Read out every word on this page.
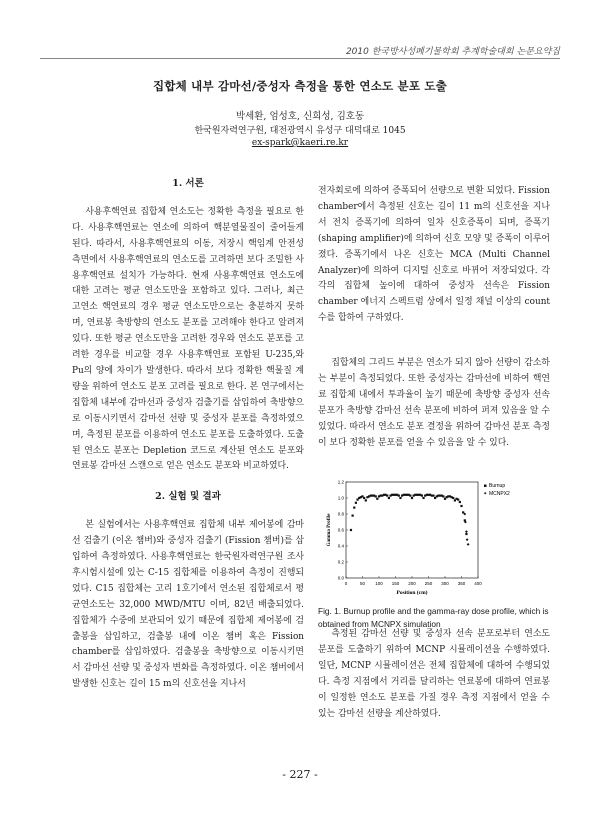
2010 한국방사성폐기물학회 추계학술대회 논문요약집
집합체 내부 감마선/중성자 측정을 통한 연소도 분포 도출
박세환, 엄성호, 신희성, 김호동
한국원자력연구원, 대전광역시 유성구 대덕대로 1045
ex-spark@kaeri.re.kr
1. 서론

사용후핵연료 집합체 연소도는 정확한 측정을 필요로 한다. 사용후핵연료는 연소에 의하여 핵분열물질이 줄어들게 된다. 따라서, 사용후핵연료의 이동, 저장시 핵임계 안전성 측면에서 사용후핵연료의 연소도를 고려하면 보다 조밀한 사용후핵연료 설치가 가능하다. 현재 사용후핵연료 연소도에 대한 고려는 평균 연소도만을 포함하고 있다. 그러나, 최근 고연소 핵연료의 경우 평균 연소도만으로는 충분하지 못하며, 연료봉 축방향의 연소도 분포를 고려해야 한다고 알려져 있다. 또한 평균 연소도만을 고려한 경우와 연소도 분포를 고려한 경우를 비교할 경우 사용후핵연료 포함된 U-235,와 Pu의 양에 차이가 발생한다. 따라서 보다 정확한 핵물질 계량을 위하여 연소도 분포 고려를 필요로 한다. 본 연구에서는 집합체 내부에 감마선과 중성자 검출기를 삽입하여 축방향으로 이동시키면서 감마선 선량 및 중성자 분포를 측정하였으며, 측정된 분포를 이용하여 연소도 분포를 도출하였다. 도출된 연소도 분포는 Depletion 코드로 계산된 연소도 분포와 연료봉 감마선 스캔으로 얻은 연소도 분포와 비교하였다.

2. 실험 및 결과

본 실험에서는 사용후핵연료 집합체 내부 제어봉에 감마선 검출기 (이온 챔버)와 중성자 검출기 (Fission 챔버)를 삽입하여 측정하였다. 사용후핵연료는 한국원자력연구원 조사후시험시설에 있는 C-15 집합체를 이용하여 측정이 진행되었다. C15 집합체는 고리 1호기에서 연소된 집합체로서 평균연소도는 32,000 MWD/MTU 이며, 82년 배출되었다. 집합체가 수중에 보관되어 있기 때문에 집합체 제어봉에 검출봉을 삽입하고, 검출봉 내에 이온 챔버 혹은 Fission chamber를 삽입하였다. 검출봉을 축방향으로 이동시키면서 감마선 선량 및 중성자 변화를 측정하였다. 이온 챔버에서 발생한 신호는 길이 15 m의 신호선을 지나서

전자회로에 의하여 증폭되어 선량으로 변환 되었다. Fission chamber에서 측정된 신호는 길이 11 m의 신호선을 지나서 전치 증폭기에 의하여 일차 신호증폭이 되며, 증폭기 (shaping amplifier)에 의하여 신호 모양 및 증폭이 이루어졌다. 증폭기에서 나온 신호는 MCA (Multi Channel Analyzer)에 의하여 디지털 신호로 바뀌어 저장되었다. 각각의 집합체 높이에 대하여 중성자 선속은 Fission chamber 에너지 스펙트럼 상에서 일정 채널 이상의 count수를 합하여 구하였다.

집합체의 그리드 부분은 연소가 되지 않아 선량이 감소하는 부분이 측정되었다. 또한 중성자는 감마선에 비하여 핵연료 집합체 내에서 투과율이 높기 때문에 축방향 중성자 선속 분포가 축방향 감마선 선속 분포에 비하여 퍼져 있음을 알 수 있었다. 따라서 연소도 분포 결정을 위하여 감마선 분포 측정이 보다 정확한 분포를 얻을 수 있음을 알 수 있다.

0	50 100 150 200 250 300 350 400
0.0
0.2
0.4
0.6
0.8
1.0
1.2
Position (cm)
Gamma Profile
Burnup
MCNPX2
Fig. 1. Burnup profile and the gamma-ray dose profile, which is obtained from MCNPX simulation

측정된 감마선 선량 및 중성자 선속 분포로부터 연소도 분포를 도출하기 위하여 MCNP 시뮬레이션을 수행하였다. 일단, MCNP 시뮬레이션은 전체 집합체에 대하여 수행되었다. 측정 지점에서 거리를 달리하는 연료봉에 대하여 연료봉이 일정한 연소도 분포를 가질 경우 측정 지점에서 얻을 수 있는 감마선 선량을 계산하였다.

- 227 -
